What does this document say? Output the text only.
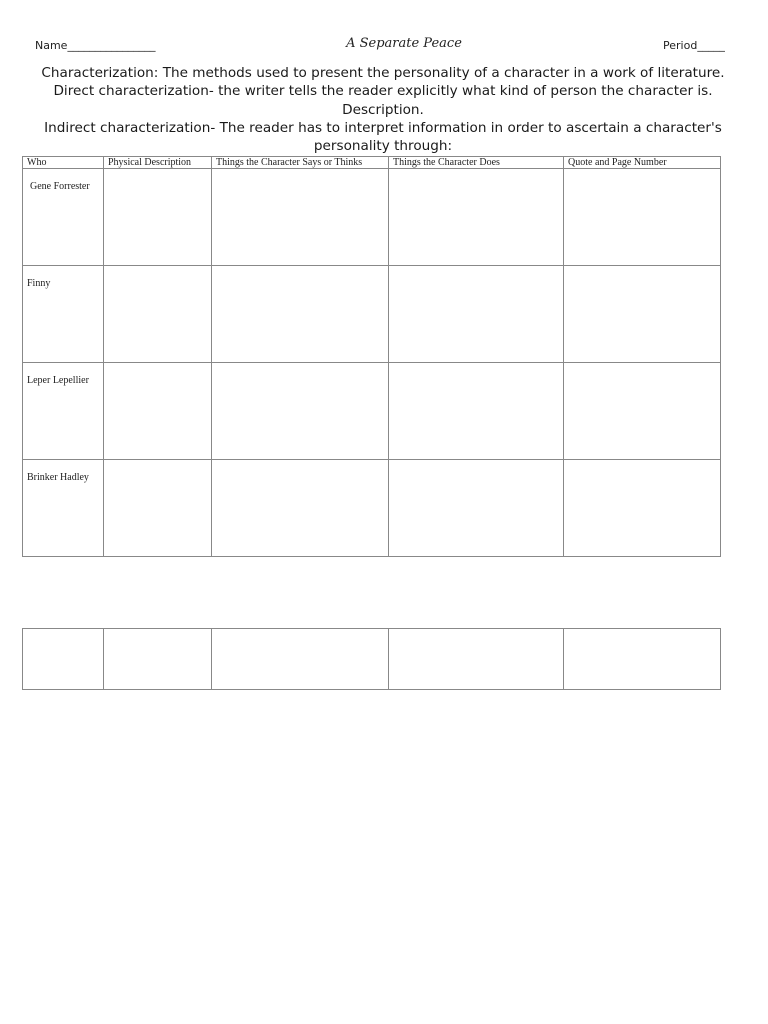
Name________________	A Separate Peace	Period_____

Characterization: The methods used to present the personality of a character in a work of literature.

Direct characterization- the writer tells the reader explicitly what kind of person the character is. Description.

Indirect characterization- The reader has to interpret information in order to ascertain a character's personality through:

Who	Physical Description	Things the Character Says or Thinks	Things the Character Does	Quote and Page Number

Gene Forrester				

Finny				

Leper Lepellier				

Brinker Hadley				
